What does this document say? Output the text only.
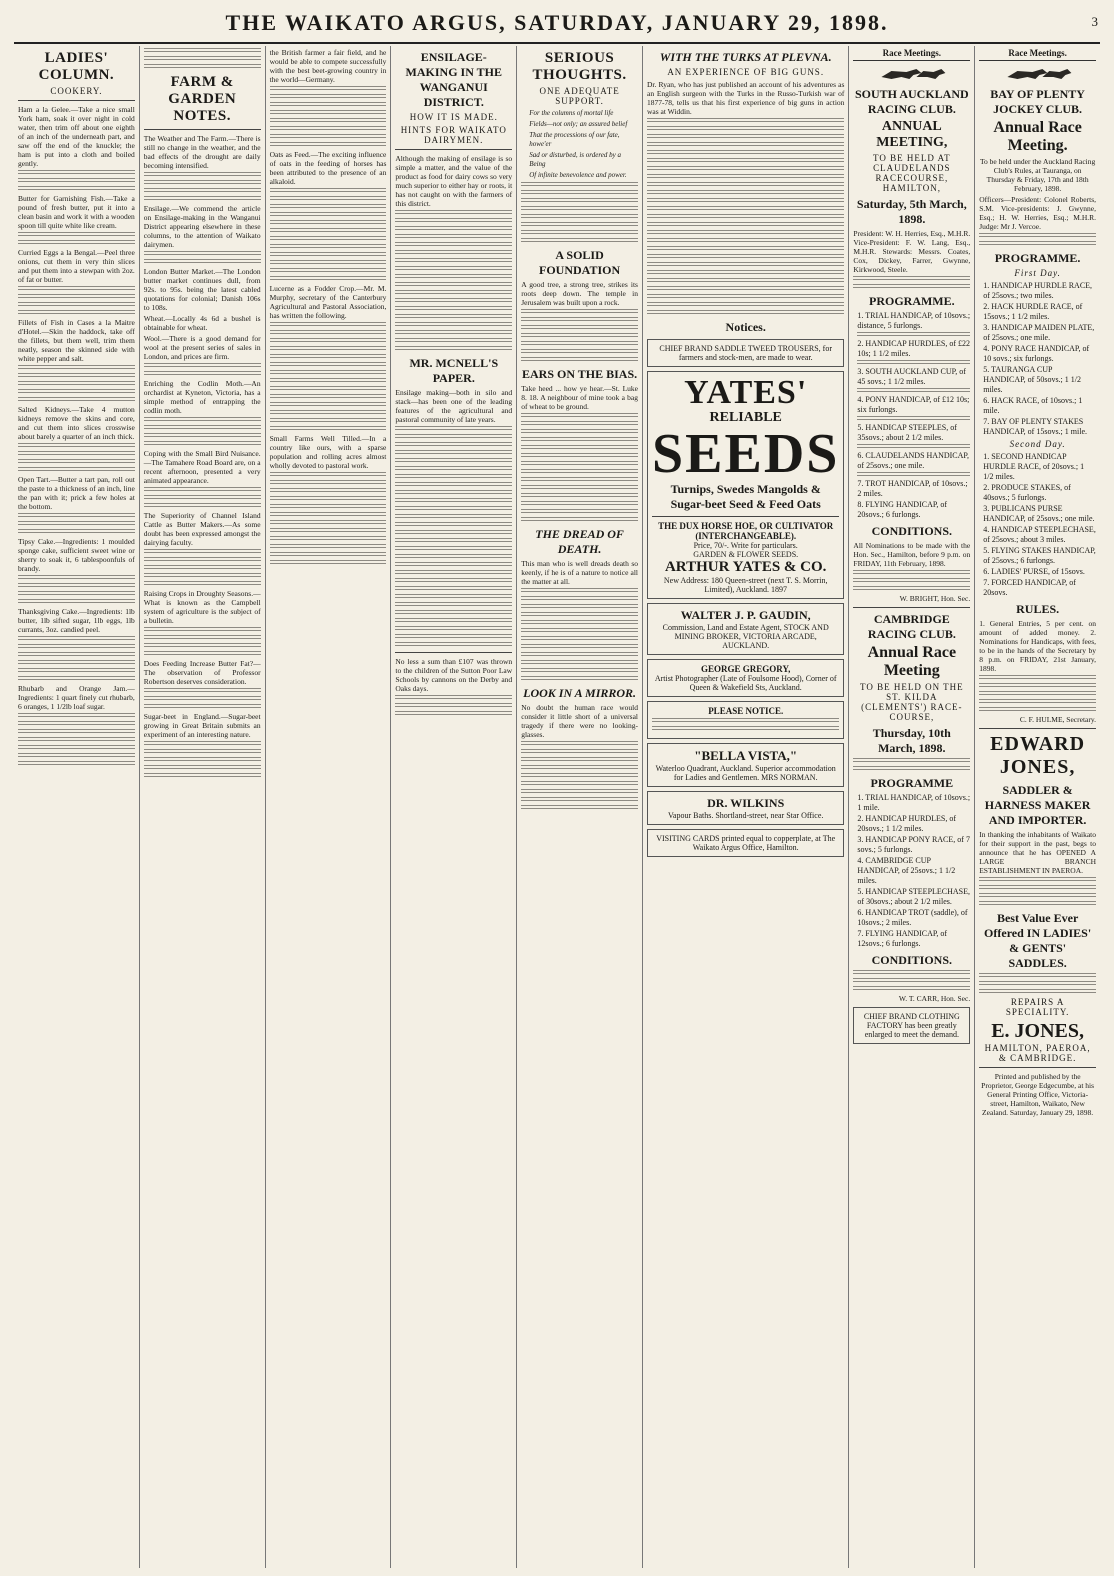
THE WAIKATO ARGUS, SATURDAY, JANUARY 29, 1898.	3
LADIES' COLUMN.
COOKERY.
Ham a la Gelee.—Take a nice small York ham, soak it over night in cold water, then trim off about one eighth of an inch of the underneath part, and saw off the end of the knuckle; the ham is put into a cloth and boiled gently.
Butter for Garnishing Fish.—Take a pound of fresh butter, put it into a clean basin and work it with a wooden spoon till quite white like cream.
Curried Eggs a la Bengal.—Peel three onions, cut them in very thin slices and put them into a stewpan with 2oz. of fat or butter.
Fillets of Fish in Cases a la Maitre d'Hotel.—Skin the haddock, take off the fillets, but them well, trim them neatly, season the skinned side with white pepper and salt.
Salted Kidneys.—Take 4 mutton kidneys remove the skins and core, and cut them into slices crosswise about barely a quarter of an inch thick.
Open Tart.—Butter a tart pan, roll out the paste to a thickness of an inch, line the pan with it; prick a few holes at the bottom.
Tipsy Cake.—Ingredients: 1 moulded sponge cake, sufficient sweet wine or sherry to soak it, 6 tablespoonfuls of brandy.
Thanksgiving Cake.—Ingredients: 1lb butter, 1lb sifted sugar, 1lb eggs, 1lb currants, 3oz. candied peel.
Rhubarb and Orange Jam.—Ingredients: 1 quart finely cut rhubarb, 6 oranges, 1 1/2lb loaf sugar.
FARM & GARDEN NOTES.
The Weather and The Farm.—There is still no change in the weather, and the bad effects of the drought are daily becoming intensified.
Ensilage.—We commend the article on Ensilage-making in the Wanganui District appearing elsewhere in these columns, to the attention of Waikato dairymen.
London Butter Market.—The London butter market continues dull, from 92s. to 95s. being the latest cabled quotations for colonial; Danish 106s to 108s.
Wheat.—Locally 4s 6d a bushel is obtainable for wheat.
Wool.—There is a good demand for wool at the present series of sales in London, and prices are firm.
Enriching the Codlin Moth.—An orchardist at Kyneton, Victoria, has a simple method of entrapping the codlin moth.
Coping with the Small Bird Nuisance.—The Tamahere Road Board are, on a recent afternoon, presented a very animated appearance.
The Superiority of Channel Island Cattle as Butter Makers.—As some doubt has been expressed amongst the dairying faculty.
Raising Crops in Droughty Seasons.—What is known as the Campbell system of agriculture is the subject of a bulletin.
Does Feeding Increase Butter Fat?—The observation of Professor Robertson deserves consideration.
Sugar-beet in England.—Sugar-beet growing in Great Britain submits an experiment of an interesting nature.
the British farmer a fair field, and he would be able to compete successfully with the best beet-growing country in the world—Germany.
Oats as Feed.—The exciting influence of oats in the feeding of horses has been attributed to the presence of an alkaloid.
Lucerne as a Fodder Crop.—Mr. M. Murphy, secretary of the Canterbury Agricultural and Pastoral Association, has written the following.
Small Farms Well Tilled.—In a country like ours, with a sparse population and rolling acres almost wholly devoted to pastoral work.
ENSILAGE-MAKING IN THE WANGANUI DISTRICT.
HOW IT IS MADE.
HINTS FOR WAIKATO DAIRYMEN.
Although the making of ensilage is so simple a matter, and the value of the product as food for dairy cows so very much superior to either hay or roots, it has not caught on with the farmers of this district.
MR. MCNELL'S PAPER.
Ensilage making—both in silo and stack—has been one of the leading features of the agricultural and pastoral community of late years.
No less a sum than £107 was thrown to the children of the Sutton Poor Law Schools by cannons on the Derby and Oaks days.
SERIOUS THOUGHTS.
ONE ADEQUATE SUPPORT.
For the columns of mortal life
Fields—not only; an assured belief
That the processions of our fate, howe'er
Sad or disturbed, is ordered by a Being
Of infinite benevolence and power.
A SOLID FOUNDATION
A good tree, a strong tree, strikes its roots deep down. The temple in Jerusalem was built upon a rock.
EARS ON THE BIAS.
Take heed ... how ye hear.—St. Luke 8. 18. A neighbour of mine took a bag of wheat to be ground.
THE DREAD OF DEATH.
This man who is well dreads death so keenly, if he is of a nature to notice all the matter at all.
LOOK IN A MIRROR.
No doubt the human race would consider it little short of a universal tragedy if there were no looking-glasses.
WITH THE TURKS AT PLEVNA.
AN EXPERIENCE OF BIG GUNS.
Dr. Ryan, who has just published an account of his adventures as an English surgeon with the Turks in the Russo-Turkish war of 1877-78, tells us that his first experience of big guns in action was at Widdin.
Notices.
CHIEF BRAND SADDLE TWEED TROUSERS, for farmers and stock-men, are made to wear.
YATES'
RELIABLE
SEEDS
Turnips, Swedes Mangolds & Sugar-beet Seed & Feed Oats
THE DUX HORSE HOE, OR CULTIVATOR (INTERCHANGEABLE).
Price, 70/-. Write for particulars.
GARDEN & FLOWER SEEDS.
ARTHUR YATES & CO.
New Address: 180 Queen-street (next T. S. Morrin, Limited), Auckland. 1897
WALTER J. P. GAUDIN,
Commission, Land and Estate Agent, STOCK AND MINING BROKER, VICTORIA ARCADE, AUCKLAND.
GEORGE GREGORY,
Artist Photographer (Late of Foulsome Hood), Corner of Queen & Wakefield Sts, Auckland.
PLEASE NOTICE.
"BELLA VISTA,"
Waterloo Quadrant, Auckland. Superior accommodation for Ladies and Gentlemen. MRS NORMAN.
DR. WILKINS
Vapour Baths. Shortland-street, near Star Office.
VISITING CARDS printed equal to copperplate, at The Waikato Argus Office, Hamilton.
Race Meetings.
SOUTH AUCKLAND RACING CLUB.
ANNUAL MEETING,
TO BE HELD AT CLAUDELANDS RACECOURSE, HAMILTON,
Saturday, 5th March, 1898.
President: W. H. Herries, Esq., M.H.R. Vice-President: F. W. Lang, Esq., M.H.R. Stewards: Messrs. Coates, Cox, Dickey, Farrer, Gwynne, Kirkwood, Steele.
PROGRAMME.
1. TRIAL HANDICAP, of 10sovs.; distance, 5 furlongs.
2. HANDICAP HURDLES, of £22 10s; 1 1/2 miles.
3. SOUTH AUCKLAND CUP, of 45 sovs.; 1 1/2 miles.
4. PONY HANDICAP, of £12 10s; six furlongs.
5. HANDICAP STEEPLES, of 35sovs.; about 2 1/2 miles.
6. CLAUDELANDS HANDICAP, of 25sovs.; one mile.
7. TROT HANDICAP, of 10sovs.; 2 miles.
8. FLYING HANDICAP, of 20sovs.; 6 furlongs.
CONDITIONS.
All Nominations to be made with the Hon. Sec., Hamilton, before 9 p.m. on FRIDAY, 11th February, 1898.
W. BRIGHT, Hon. Sec.
CAMBRIDGE RACING CLUB.
Annual Race Meeting
TO BE HELD ON THE ST. KILDA (CLEMENTS') RACE-COURSE,
Thursday, 10th March, 1898.
PROGRAMME
1. TRIAL HANDICAP, of 10sovs.; 1 mile.
2. HANDICAP HURDLES, of 20sovs.; 1 1/2 miles.
3. HANDICAP PONY RACE, of 7 sovs.; 5 furlongs.
4. CAMBRIDGE CUP HANDICAP, of 25sovs.; 1 1/2 miles.
5. HANDICAP STEEPLECHASE, of 30sovs.; about 2 1/2 miles.
6. HANDICAP TROT (saddle), of 10sovs.; 2 miles.
7. FLYING HANDICAP, of 12sovs.; 6 furlongs.
CONDITIONS.
W. T. CARR, Hon. Sec.
CHIEF BRAND CLOTHING FACTORY has been greatly enlarged to meet the demand.
Race Meetings.
BAY OF PLENTY JOCKEY CLUB.
Annual Race Meeting.
To be held under the Auckland Racing Club's Rules, at Tauranga, on Thursday & Friday, 17th and 18th February, 1898.
Officers—President: Colonel Roberts, S.M. Vice-presidents: J. Gwynne, Esq.; H. W. Herries, Esq.; M.H.R. Judge: Mr J. Vercoe.
PROGRAMME.
First Day.
1. HANDICAP HURDLE RACE, of 25sovs.; two miles.
2. HACK HURDLE RACE, of 15sovs.; 1 1/2 miles.
3. HANDICAP MAIDEN PLATE, of 25sovs.; one mile.
4. PONY RACE HANDICAP, of 10 sovs.; six furlongs.
5. TAURANGA CUP HANDICAP, of 50sovs.; 1 1/2 miles.
6. HACK RACE, of 10sovs.; 1 mile.
7. BAY OF PLENTY STAKES HANDICAP, of 15sovs.; 1 mile.
Second Day.
1. SECOND HANDICAP HURDLE RACE, of 20sovs.; 1 1/2 miles.
2. PRODUCE STAKES, of 40sovs.; 5 furlongs.
3. PUBLICANS PURSE HANDICAP, of 25sovs.; one mile.
4. HANDICAP STEEPLECHASE, of 25sovs.; about 3 miles.
5. FLYING STAKES HANDICAP, of 25sovs.; 6 furlongs.
6. LADIES' PURSE, of 15sovs.
7. FORCED HANDICAP, of 20sovs.
RULES.
1. General Entries, 5 per cent. on amount of added money. 2. Nominations for Handicaps, with fees, to be in the hands of the Secretary by 8 p.m. on FRIDAY, 21st January, 1898.
C. F. HULME, Secretary.
EDWARD JONES,
SADDLER & HARNESS MAKER AND IMPORTER.
In thanking the inhabitants of Waikato for their support in the past, begs to announce that he has OPENED A LARGE BRANCH ESTABLISHMENT IN PAEROA.
Best Value Ever Offered IN LADIES' & GENTS' SADDLES.
REPAIRS A SPECIALITY.
E. JONES,
HAMILTON, PAEROA, & CAMBRIDGE.
Printed and published by the Proprietor, George Edgecumbe, at his General Printing Office, Victoria-street, Hamilton, Waikato, New Zealand. Saturday, January 29, 1898.
